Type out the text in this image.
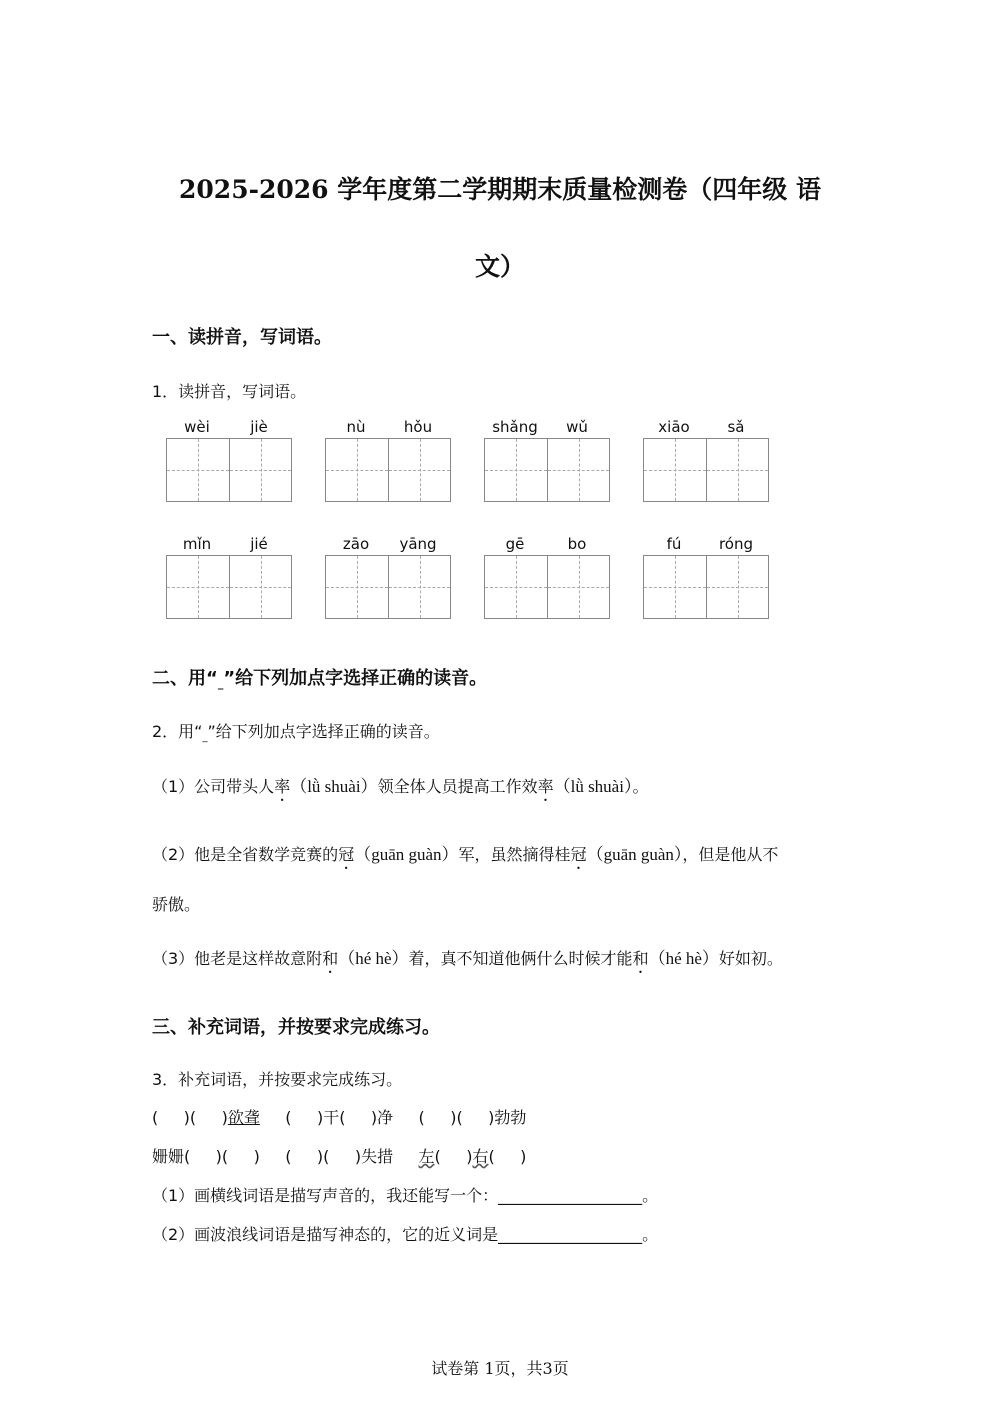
2025-2026 学年度第二学期期末质量检测卷（四年级 语
文）
一、读拼音，写词语。
1．读拼音，写词语。
wèi	jiè	nù	hǒu	shǎng	wǔ	xiāo	sǎ
mǐn	jié	zāo	yāng	gē	bo	fú	róng
二、用“_”给下列加点字选择正确的读音。
2．用“_”给下列加点字选择正确的读音。
（1）公司带头人率（lǜ shuài）领全体人员提高工作效率（lǜ shuài）。
（2）他是全省数学竞赛的冠（guān guàn）军，虽然摘得桂冠（guān guàn），但是他从不
骄傲。
（3）他老是这样故意附和（hé hè）着，真不知道他俩什么时候才能和（hé hè）好如初。
三、补充词语，并按要求完成练习。
3．补充词语，并按要求完成练习。
(     )(     )欲聋     (     )干(     )净     (     )(     )勃勃
姗姗(     )(     )     (     )(     )失措     左(     )右(     )
（1）画横线词语是描写声音的，我还能写一个：__________________。
（2）画波浪线词语是描写神态的，它的近义词是__________________。
试卷第 1页，共3页
